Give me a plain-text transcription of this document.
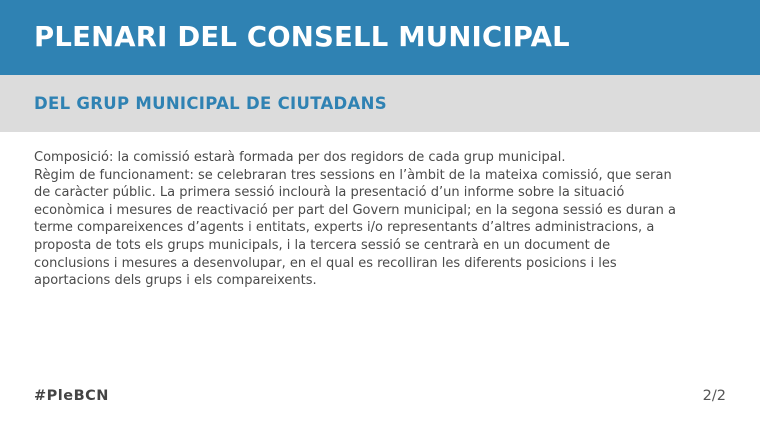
PLENARI DEL CONSELL MUNICIPAL
DEL GRUP MUNICIPAL DE CIUTADANS

Composició: la comissió estarà formada per dos regidors de cada grup municipal.

Règim de funcionament: se celebraran tres sessions en l’àmbit de la mateixa comissió, que seran

de caràcter públic. La primera sessió inclourà la presentació d’un informe sobre la situació

econòmica i mesures de reactivació per part del Govern municipal; en la segona sessió es duran a

terme compareixences d’agents i entitats, experts i/o representants d’altres administracions, a

proposta de tots els grups municipals, i la tercera sessió se centrarà en un document de

conclusions i mesures a desenvolupar, en el qual es recolliran les diferents posicions i les

aportacions dels grups i els compareixents.

#PleBCN	2/2
